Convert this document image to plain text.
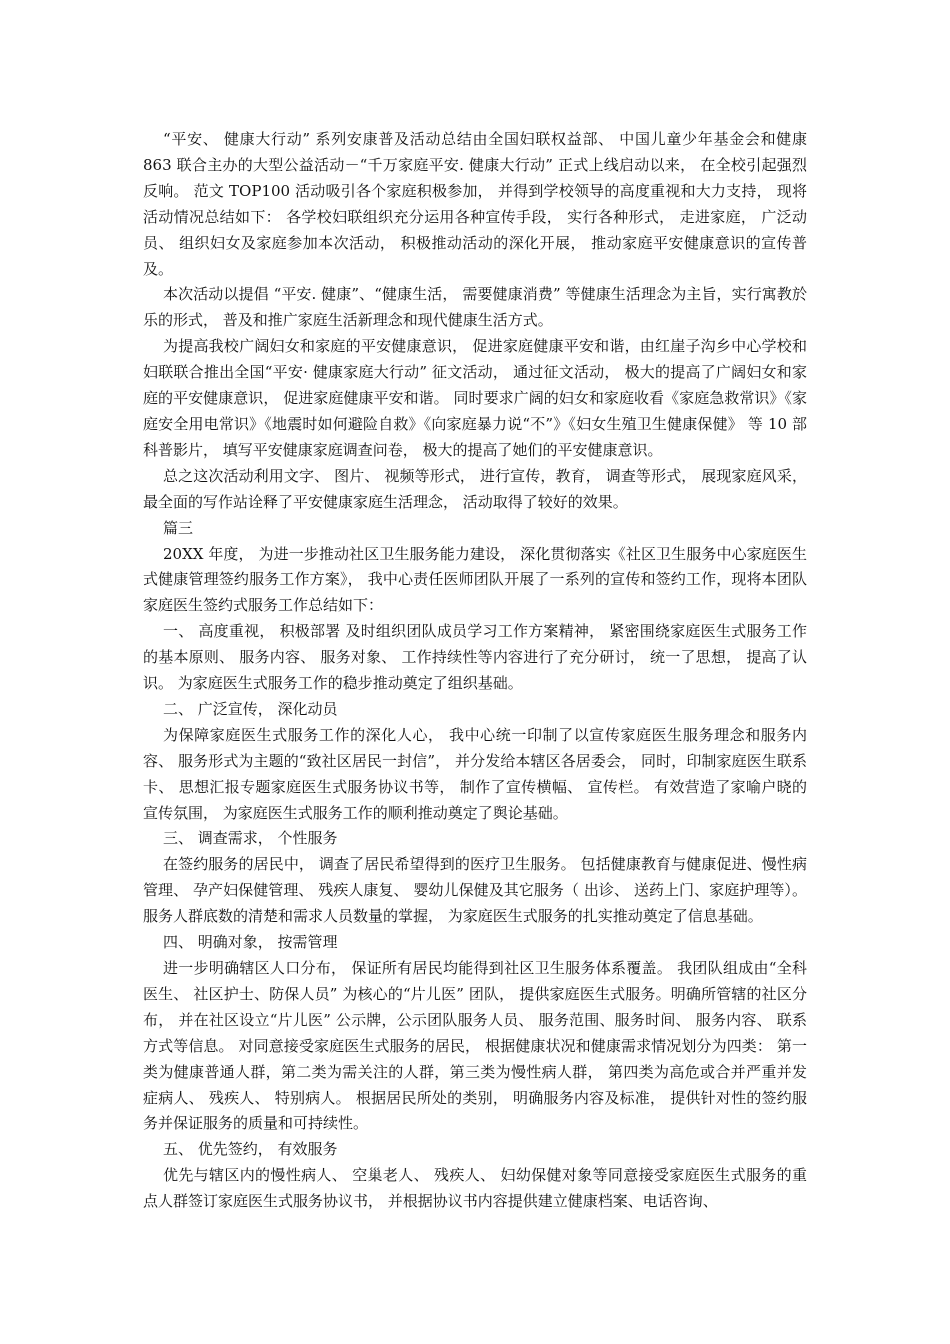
“平安、 健康大行动” 系列安康普及活动总结由全国妇联权益部、 中国儿童少年基金会和健康 863 联合主办的大型公益活动－“千万家庭平安. 健康大行动” 正式上线启动以来， 在全校引起强烈反响。 范文 TOP100 活动吸引各个家庭积极参加， 并得到学校领导的高度重视和大力支持， 现将活动情况总结如下： 各学校妇联组织充分运用各种宣传手段， 实行各种形式， 走进家庭， 广泛动员、 组织妇女及家庭参加本次活动， 积极推动活动的深化开展， 推动家庭平安健康意识的宣传普及。

本次活动以提倡 “平安. 健康”、“健康生活， 需要健康消费” 等健康生活理念为主旨，实行寓教於乐的形式， 普及和推广家庭生活新理念和现代健康生活方式。

为提高我校广阔妇女和家庭的平安健康意识， 促进家庭健康平安和谐，由红崖子沟乡中心学校和妇联联合推出全国“平安· 健康家庭大行动” 征文活动， 通过征文活动， 极大的提高了广阔妇女和家庭的平安健康意识， 促进家庭健康平安和谐。 同时要求广阔的妇女和家庭收看《家庭急救常识》《家庭安全用电常识》《地震时如何避险自救》《向家庭暴力说“不”》《妇女生殖卫生健康保健》 等 10 部科普影片， 填写平安健康家庭调查问卷， 极大的提高了她们的平安健康意识。

总之这次活动利用文字、 图片、 视频等形式， 进行宣传，教育， 调查等形式， 展现家庭风采， 最全面的写作站诠释了平安健康家庭生活理念， 活动取得了较好的效果。

篇三

20XX 年度， 为进一步推动社区卫生服务能力建设， 深化贯彻落实《社区卫生服务中心家庭医生式健康管理签约服务工作方案》， 我中心责任医师团队开展了一系列的宣传和签约工作，现将本团队家庭医生签约式服务工作总结如下：

一、 高度重视， 积极部署 及时组织团队成员学习工作方案精神， 紧密围绕家庭医生式服务工作的基本原则、 服务内容、 服务对象、 工作持续性等内容进行了充分研讨， 统一了思想， 提高了认识。 为家庭医生式服务工作的稳步推动奠定了组织基础。

二、 广泛宣传， 深化动员

为保障家庭医生式服务工作的深化人心， 我中心统一印制了以宣传家庭医生服务理念和服务内容、 服务形式为主题的“致社区居民一封信”， 并分发给本辖区各居委会， 同时，印制家庭医生联系卡、 思想汇报专题家庭医生式服务协议书等， 制作了宣传横幅、 宣传栏。 有效营造了家喻户晓的宣传氛围， 为家庭医生式服务工作的顺利推动奠定了舆论基础。

三、 调查需求， 个性服务

在签约服务的居民中， 调查了居民希望得到的医疗卫生服务。 包括健康教育与健康促进、慢性病管理、 孕产妇保健管理、 残疾人康复、 婴幼儿保健及其它服务（ 出诊、 送药上门、家庭护理等）。 服务人群底数的清楚和需求人员数量的掌握， 为家庭医生式服务的扎实推动奠定了信息基础。

四、 明确对象， 按需管理

进一步明确辖区人口分布， 保证所有居民均能得到社区卫生服务体系覆盖。 我团队组成由“全科医生、 社区护士、防保人员” 为核心的“片儿医” 团队， 提供家庭医生式服务。明确所管辖的社区分布， 并在社区设立“片儿医” 公示牌，公示团队服务人员、 服务范围、服务时间、 服务内容、 联系方式等信息。 对同意接受家庭医生式服务的居民， 根据健康状况和健康需求情况划分为四类： 第一类为健康普通人群，第二类为需关注的人群，第三类为慢性病人群， 第四类为高危或合并严重并发症病人、 残疾人、 特别病人。 根据居民所处的类别， 明确服务内容及标准， 提供针对性的签约服务并保证服务的质量和可持续性。

五、 优先签约， 有效服务

优先与辖区内的慢性病人、 空巢老人、 残疾人、 妇幼保健对象等同意接受家庭医生式服务的重点人群签订家庭医生式服务协议书， 并根据协议书内容提供建立健康档案、电话咨询、
